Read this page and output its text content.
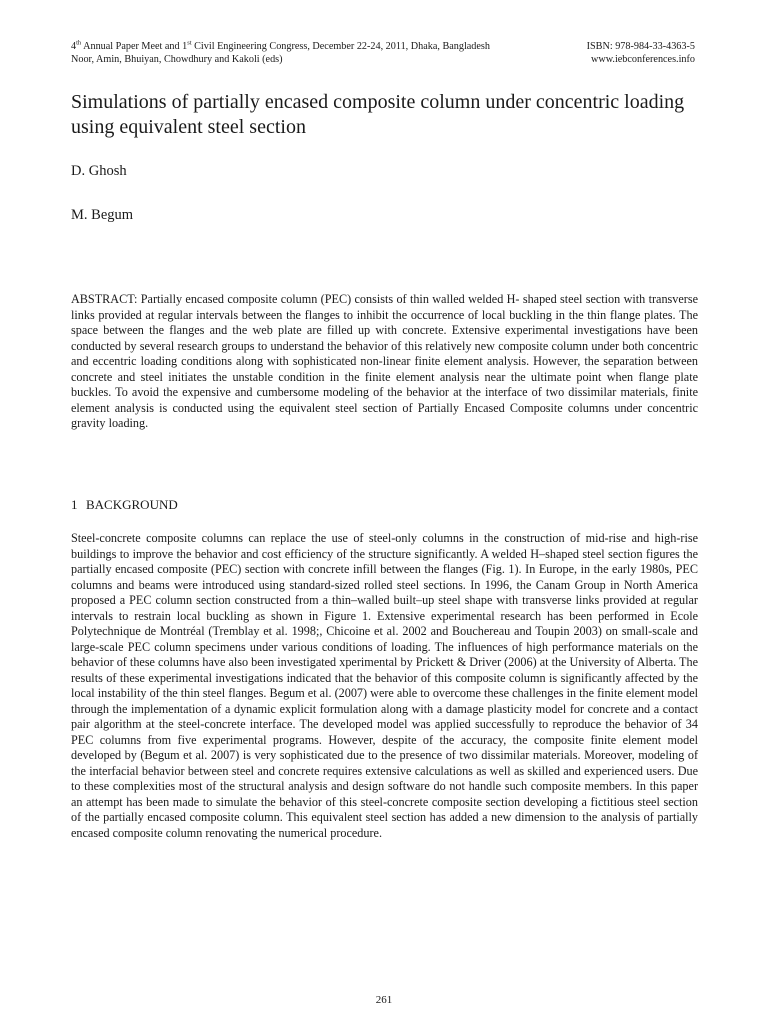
4th Annual Paper Meet and 1st Civil Engineering Congress, December 22-24, 2011, Dhaka, Bangladesh	ISBN: 978-984-33-4363-5
Noor, Amin, Bhuiyan, Chowdhury and Kakoli (eds)	www.iebconferences.info
Simulations of partially encased composite column under concentric loading using equivalent steel section
D. Ghosh
M. Begum
ABSTRACT: Partially encased composite column (PEC) consists of thin walled welded H- shaped steel section with transverse links provided at regular intervals between the flanges to inhibit the occurrence of local buckling in the thin flange plates. The space between the flanges and the web plate are filled up with concrete. Extensive experimental investigations have been conducted by several research groups to understand the behavior of this relatively new composite column under both concentric and eccentric loading conditions along with sophisticated non-linear finite element analysis. However, the separation between concrete and steel initiates the unstable condition in the finite element analysis near the ultimate point when flange plate buckles. To avoid the expensive and cumbersome modeling of the behavior at the interface of two dissimilar materials, finite element analysis is conducted using the equivalent steel section of Partially Encased Composite columns under concentric gravity loading.
1 BACKGROUND
Steel-concrete composite columns can replace the use of steel-only columns in the construction of mid-rise and high-rise buildings to improve the behavior and cost efficiency of the structure significantly. A welded H–shaped steel section figures the partially encased composite (PEC) section with concrete infill between the flanges (Fig. 1). In Europe, in the early 1980s, PEC columns and beams were introduced using standard-sized rolled steel sections. In 1996, the Canam Group in North America proposed a PEC column section constructed from a thin–walled built–up steel shape with transverse links provided at regular intervals to restrain local buckling as shown in Figure 1. Extensive experimental research has been performed in Ecole Polytechnique de Montréal (Tremblay et al. 1998;, Chicoine et al. 2002 and Bouchereau and Toupin 2003) on small-scale and large-scale PEC column specimens under various conditions of loading. The influences of high performance materials on the behavior of these columns have also been investigated xperimental by Prickett & Driver (2006) at the University of Alberta. The results of these experimental investigations indicated that the behavior of this composite column is significantly affected by the local instability of the thin steel flanges. Begum et al. (2007) were able to overcome these challenges in the finite element model through the implementation of a dynamic explicit formulation along with a damage plasticity model for concrete and a contact pair algorithm at the steel-concrete interface. The developed model was applied successfully to reproduce the behavior of 34 PEC columns from five experimental programs. However, despite of the accuracy, the composite finite element model developed by (Begum et al. 2007) is very sophisticated due to the presence of two dissimilar materials. Moreover, modeling of the interfacial behavior between steel and concrete requires extensive calculations as well as skilled and experienced users. Due to these complexities most of the structural analysis and design software do not handle such composite members. In this paper an attempt has been made to simulate the behavior of this steel-concrete composite section developing a fictitious steel section of the partially encased composite column. This equivalent steel section has added a new dimension to the analysis of partially encased composite column renovating the numerical procedure.
261
